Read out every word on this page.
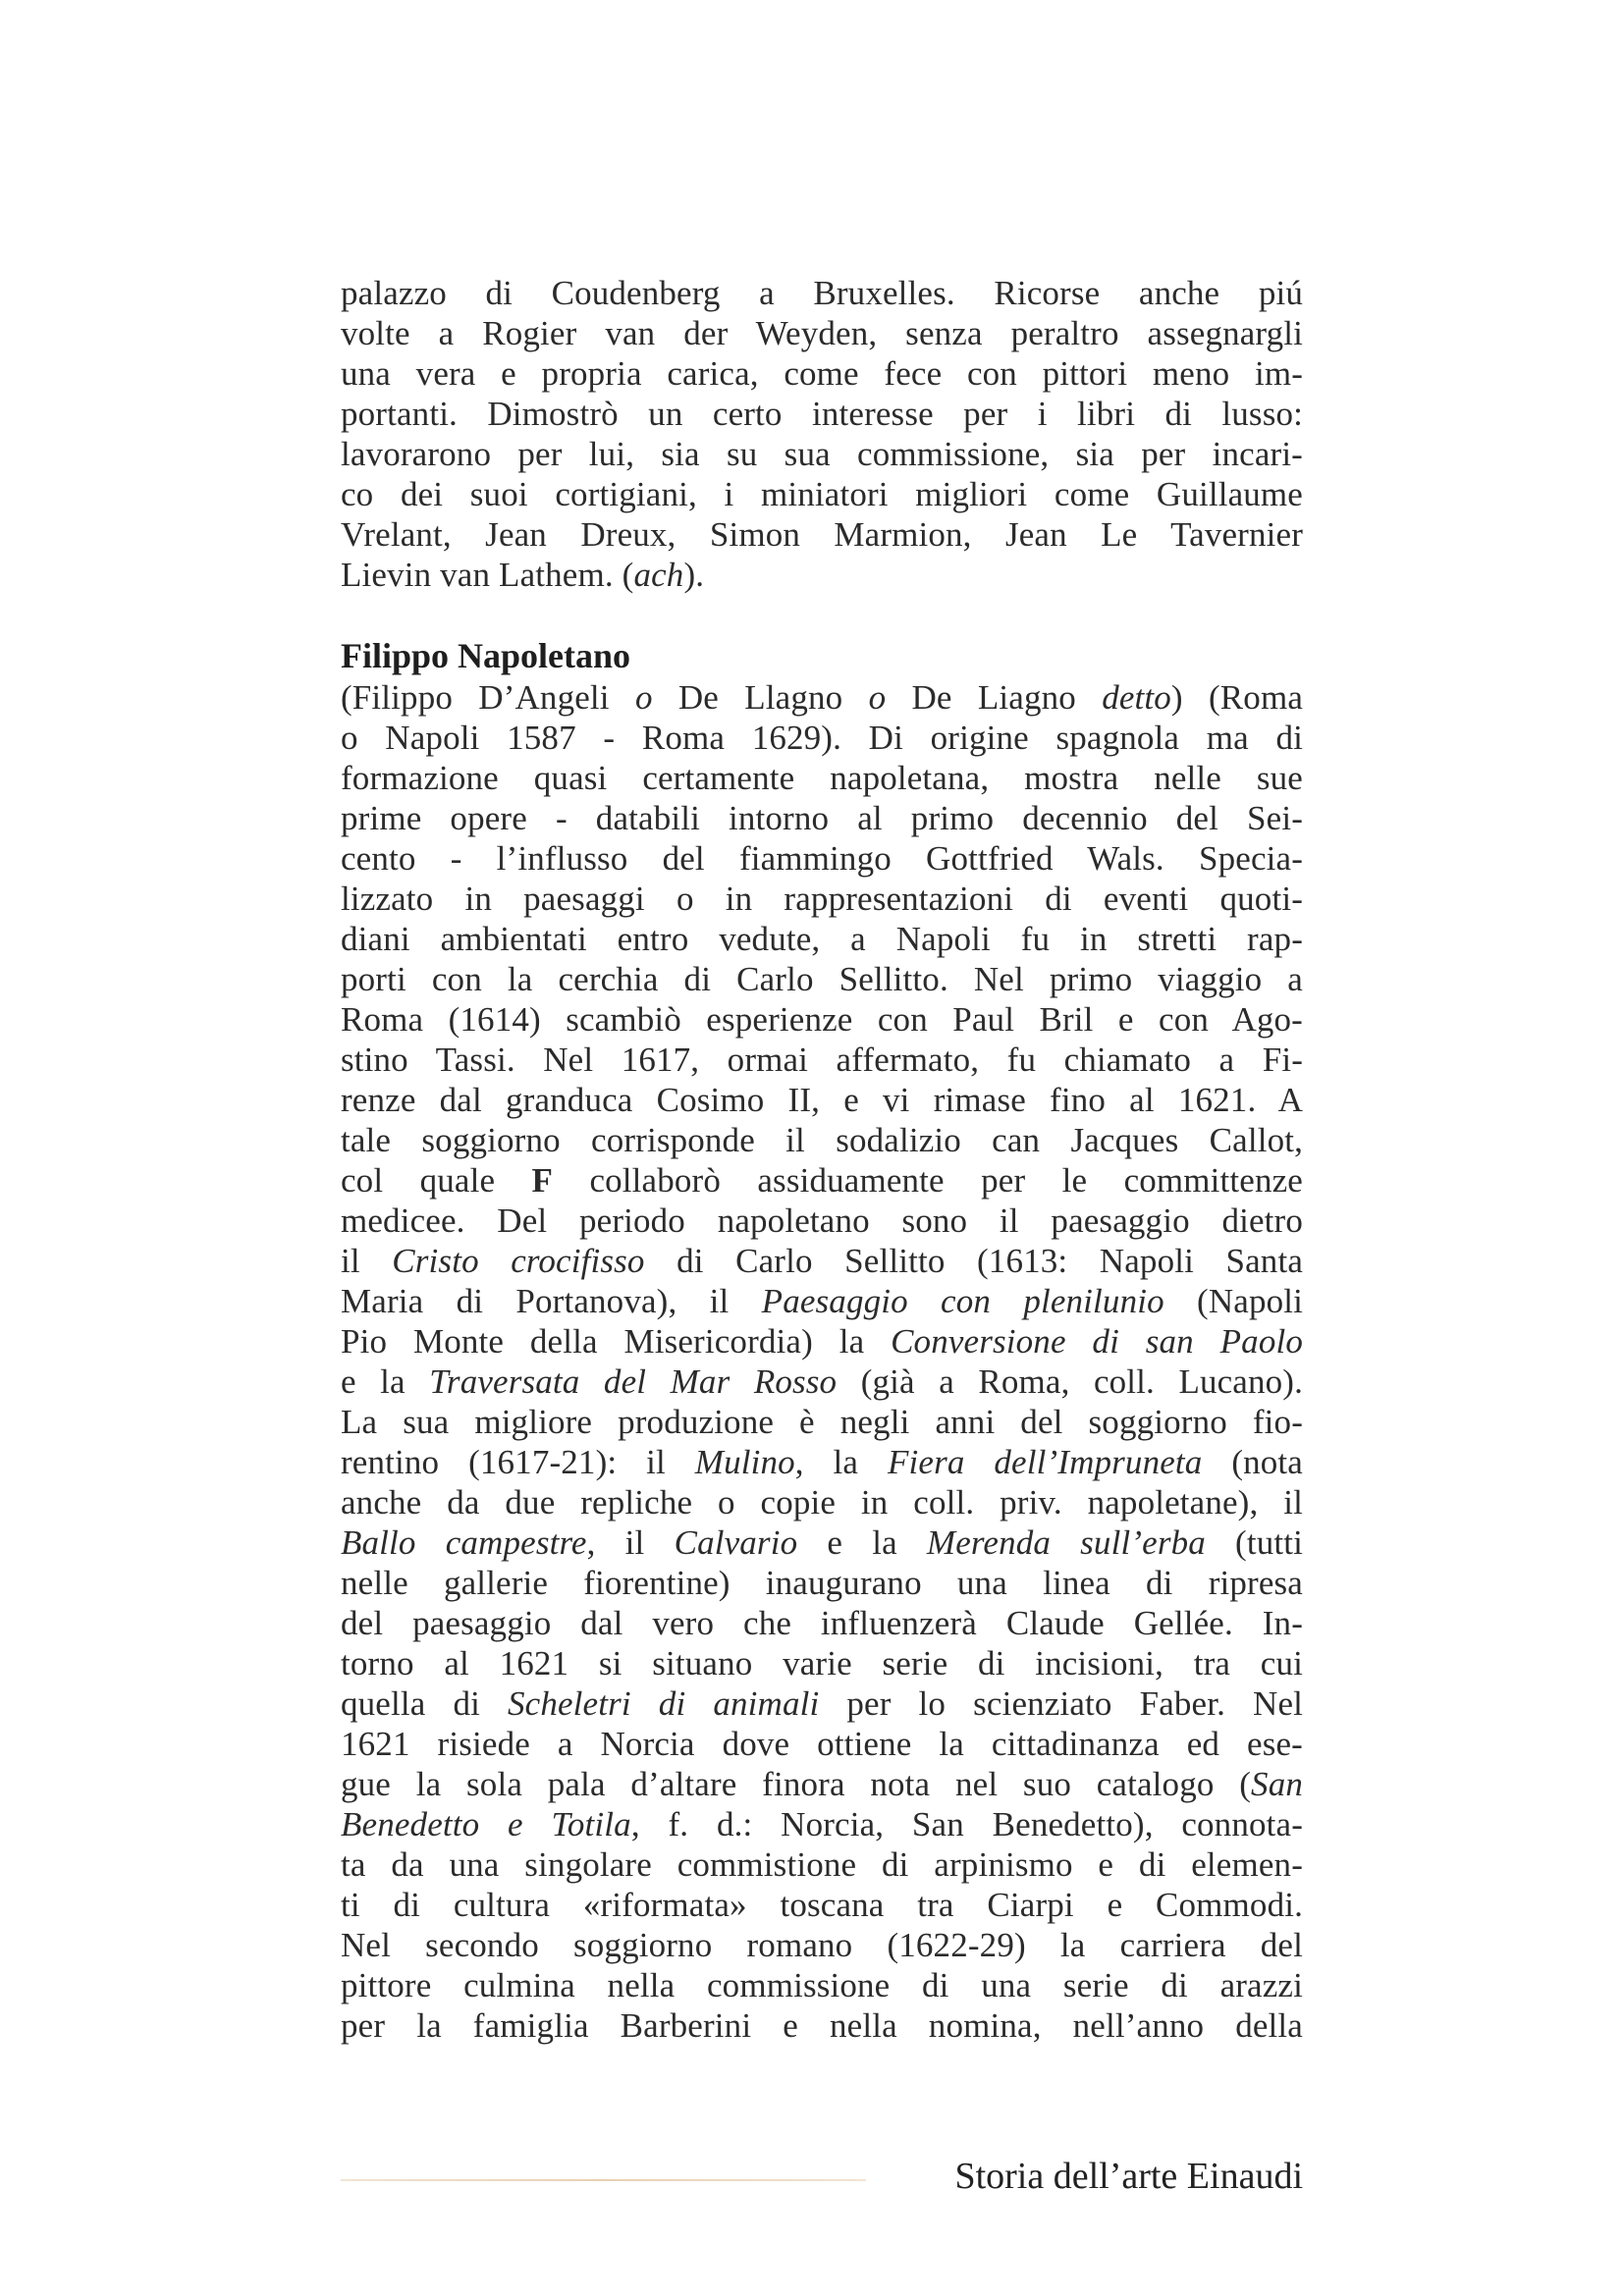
palazzo di Coudenberg a Bruxelles. Ricorse anche piú
volte a Rogier van der Weyden, senza peraltro assegnargli
una vera e propria carica, come fece con pittori meno im-
portanti. Dimostrò un certo interesse per i libri di lusso:
lavorarono per lui, sia su sua commissione, sia per incari-
co dei suoi cortigiani, i miniatori migliori come Guillaume
Vrelant, Jean Dreux, Simon Marmion, Jean Le Tavernier
Lievin van Lathem. (ach).

Filippo Napoletano

(Filippo D’Angeli o De Llagno o De Liagno detto) (Roma
o Napoli 1587 - Roma 1629). Di origine spagnola ma di
formazione quasi certamente napoletana, mostra nelle sue
prime opere - databili intorno al primo decennio del Sei-
cento - l’influsso del fiammingo Gottfried Wals. Specia-
lizzato in paesaggi o in rappresentazioni di eventi quoti-
diani ambientati entro vedute, a Napoli fu in stretti rap-
porti con la cerchia di Carlo Sellitto. Nel primo viaggio a
Roma (1614) scambiò esperienze con Paul Bril e con Ago-
stino Tassi. Nel 1617, ormai affermato, fu chiamato a Fi-
renze dal granduca Cosimo II, e vi rimase fino al 1621. A
tale soggiorno corrisponde il sodalizio can Jacques Callot,
col quale F collaborò assiduamente per le committenze
medicee. Del periodo napoletano sono il paesaggio dietro
il Cristo crocifisso di Carlo Sellitto (1613: Napoli Santa
Maria di Portanova), il Paesaggio con plenilunio (Napoli
Pio Monte della Misericordia) la Conversione di san Paolo
e la Traversata del Mar Rosso (già a Roma, coll. Lucano).
La sua migliore produzione è negli anni del soggiorno fio-
rentino (1617-21): il Mulino, la Fiera dell’Impruneta (nota
anche da due repliche o copie in coll. priv. napoletane), il
Ballo campestre, il Calvario e la Merenda sull’erba (tutti
nelle gallerie fiorentine) inaugurano una linea di ripresa
del paesaggio dal vero che influenzerà Claude Gellée. In-
torno al 1621 si situano varie serie di incisioni, tra cui
quella di Scheletri di animali per lo scienziato Faber. Nel
1621 risiede a Norcia dove ottiene la cittadinanza ed ese-
gue la sola pala d’altare finora nota nel suo catalogo (San
Benedetto e Totila, f. d.: Norcia, San Benedetto), connota-
ta da una singolare commistione di arpinismo e di elemen-
ti di cultura «riformata» toscana tra Ciarpi e Commodi.
Nel secondo soggiorno romano (1622-29) la carriera del
pittore culmina nella commissione di una serie di arazzi
per la famiglia Barberini e nella nomina, nell’anno della

Storia dell’arte Einaudi
